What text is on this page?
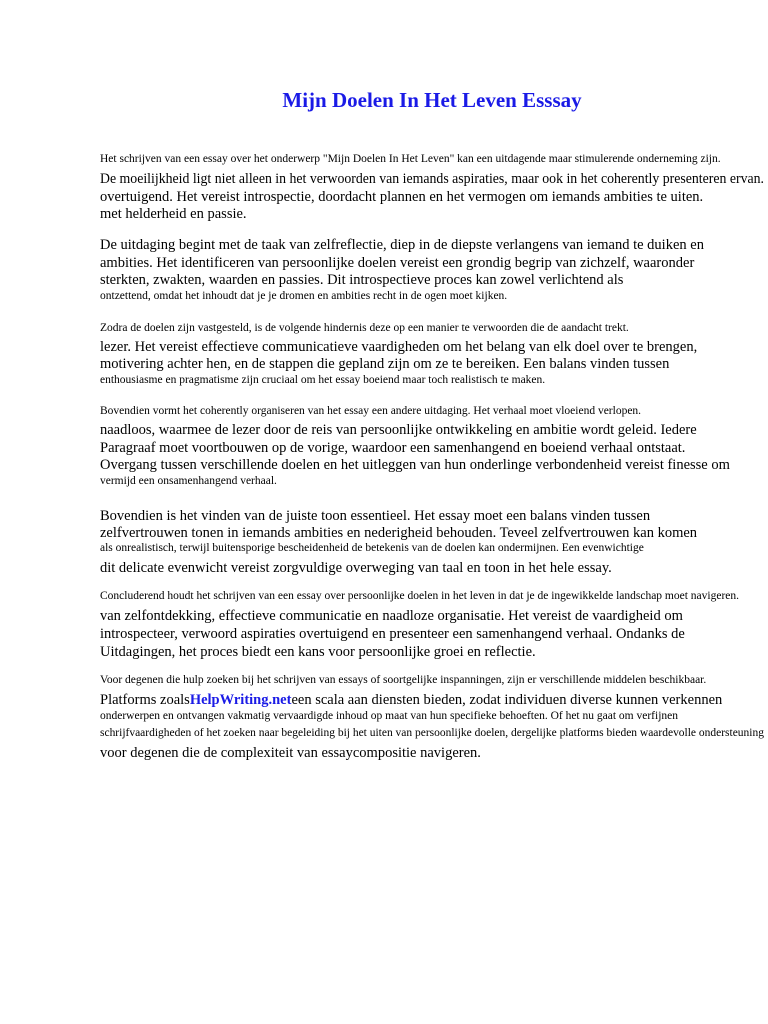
Mijn Doelen In Het Leven Esssay

Het schrijven van een essay over het onderwerp "Mijn Doelen In Het Leven" kan een uitdagende maar stimulerende onderneming zijn.

De moeilijkheid ligt niet alleen in het verwoorden van iemands aspiraties, maar ook in het coherently presenteren ervan.

overtuigend. Het vereist introspectie, doordacht plannen en het vermogen om iemands ambities te uiten.

met helderheid en passie.

De uitdaging begint met de taak van zelfreflectie, diep in de diepste verlangens van iemand te duiken en

ambities. Het identificeren van persoonlijke doelen vereist een grondig begrip van zichzelf, waaronder

sterkten, zwakten, waarden en passies. Dit introspectieve proces kan zowel verlichtend als

ontzettend, omdat het inhoudt dat je je dromen en ambities recht in de ogen moet kijken.

Zodra de doelen zijn vastgesteld, is de volgende hindernis deze op een manier te verwoorden die de aandacht trekt.

lezer. Het vereist effectieve communicatieve vaardigheden om het belang van elk doel over te brengen,

motivering achter hen, en de stappen die gepland zijn om ze te bereiken. Een balans vinden tussen

enthousiasme en pragmatisme zijn cruciaal om het essay boeiend maar toch realistisch te maken.

Bovendien vormt het coherently organiseren van het essay een andere uitdaging. Het verhaal moet vloeiend verlopen.

naadloos, waarmee de lezer door de reis van persoonlijke ontwikkeling en ambitie wordt geleid. Iedere

Paragraaf moet voortbouwen op de vorige, waardoor een samenhangend en boeiend verhaal ontstaat.

Overgang tussen verschillende doelen en het uitleggen van hun onderlinge verbondenheid vereist finesse om

vermijd een onsamenhangend verhaal.

Bovendien is het vinden van de juiste toon essentieel. Het essay moet een balans vinden tussen

zelfvertrouwen tonen in iemands ambities en nederigheid behouden. Teveel zelfvertrouwen kan komen

als onrealistisch, terwijl buitensporige bescheidenheid de betekenis van de doelen kan ondermijnen. Een evenwichtige

dit delicate evenwicht vereist zorgvuldige overweging van taal en toon in het hele essay.

Concluderend houdt het schrijven van een essay over persoonlijke doelen in het leven in dat je de ingewikkelde landschap moet navigeren.

van zelfontdekking, effectieve communicatie en naadloze organisatie. Het vereist de vaardigheid om

introspecteer, verwoord aspiraties overtuigend en presenteer een samenhangend verhaal. Ondanks de

Uitdagingen, het proces biedt een kans voor persoonlijke groei en reflectie.

Voor degenen die hulp zoeken bij het schrijven van essays of soortgelijke inspanningen, zijn er verschillende middelen beschikbaar.

Platforms zoalsHelpWriting.neteen scala aan diensten bieden, zodat individuen diverse kunnen verkennen

onderwerpen en ontvangen vakmatig vervaardigde inhoud op maat van hun specifieke behoeften. Of het nu gaat om verfijnen

schrijfvaardigheden of het zoeken naar begeleiding bij het uiten van persoonlijke doelen, dergelijke platforms bieden waardevolle ondersteuning

voor degenen die de complexiteit van essaycompositie navigeren.
